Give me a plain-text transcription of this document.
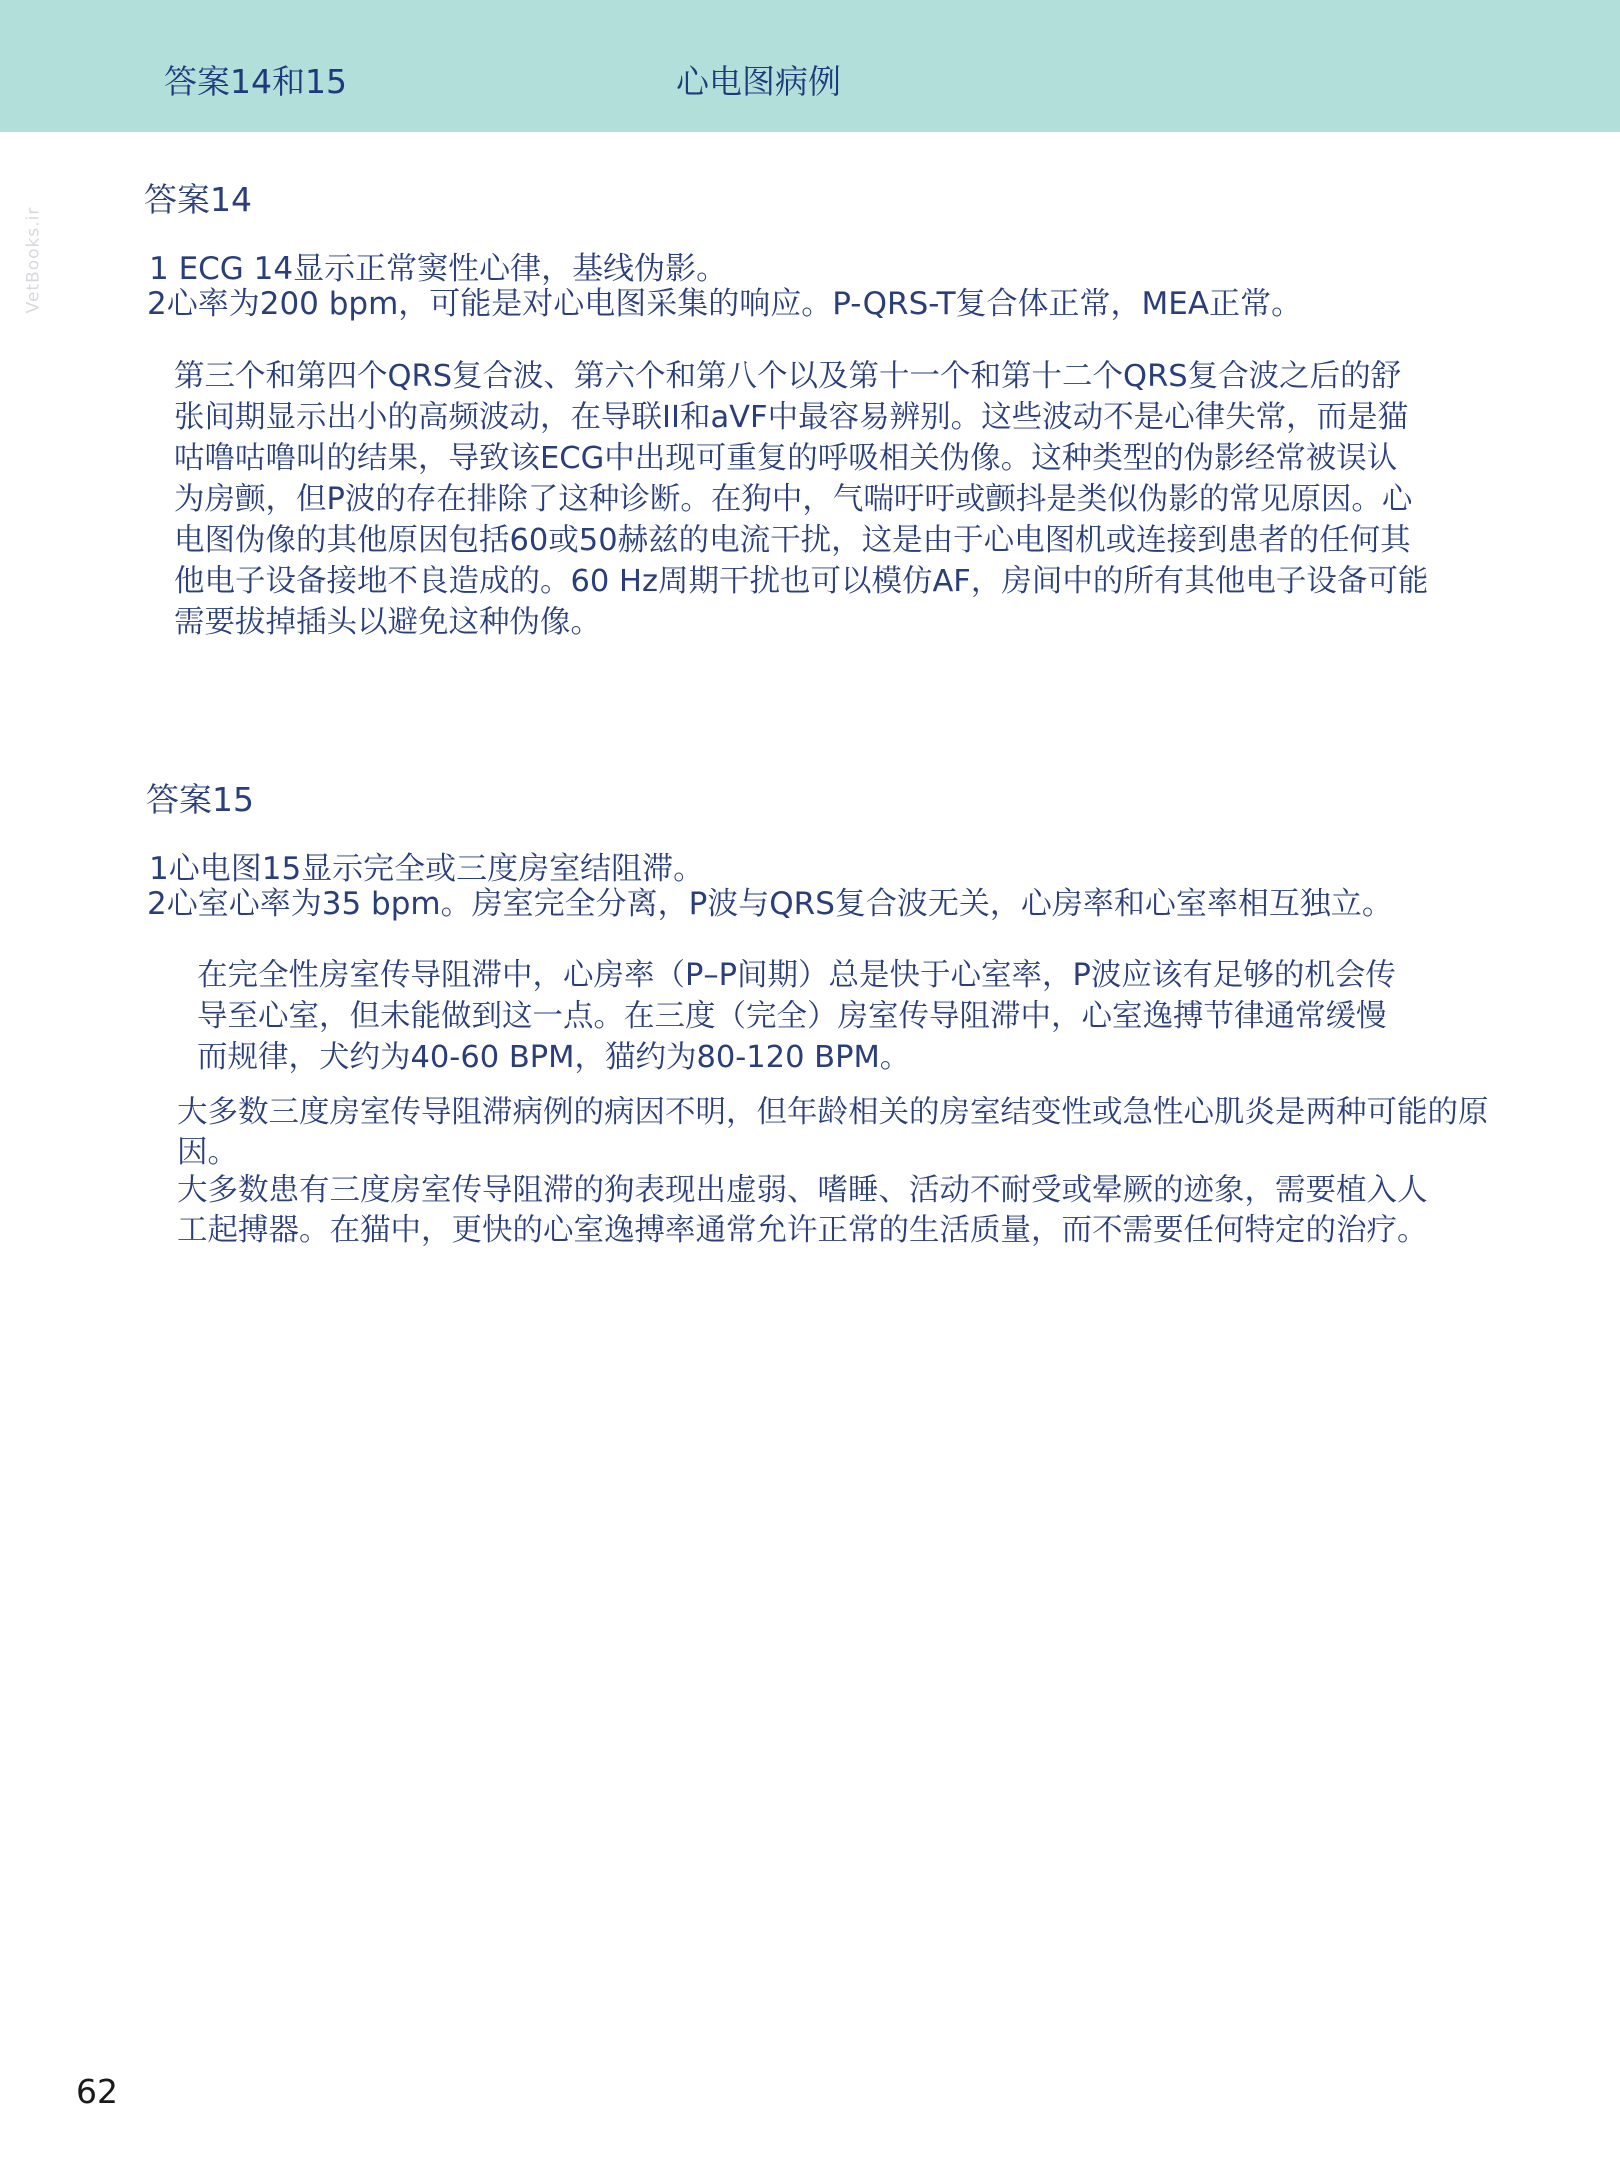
答案14和15	心电图病例
VetBooks.ir
答案14
1 ECG 14显示正常窦性心律，基线伪影。
2心率为200 bpm，可能是对心电图采集的响应。P-QRS-T复合体正常，MEA正常。
第三个和第四个QRS复合波、第六个和第八个以及第十一个和第十二个QRS复合波之后的舒
张间期显示出小的高频波动，在导联II和aVF中最容易辨别。这些波动不是心律失常，而是猫
咕噜咕噜叫的结果，导致该ECG中出现可重复的呼吸相关伪像。这种类型的伪影经常被误认
为房颤，但P波的存在排除了这种诊断。在狗中，气喘吁吁或颤抖是类似伪影的常见原因。心
电图伪像的其他原因包括60或50赫兹的电流干扰，这是由于心电图机或连接到患者的任何其
他电子设备接地不良造成的。60 Hz周期干扰也可以模仿AF，房间中的所有其他电子设备可能
需要拔掉插头以避免这种伪像。
答案15
1心电图15显示完全或三度房室结阻滞。
2心室心率为35 bpm。房室完全分离，P波与QRS复合波无关，心房率和心室率相互独立。
在完全性房室传导阻滞中，心房率（P–P间期）总是快于心室率，P波应该有足够的机会传
导至心室，但未能做到这一点。在三度（完全）房室传导阻滞中，心室逸搏节律通常缓慢
而规律，犬约为40-60 BPM，猫约为80-120 BPM。
大多数三度房室传导阻滞病例的病因不明，但年龄相关的房室结变性或急性心肌炎是两种可能的原
因。
大多数患有三度房室传导阻滞的狗表现出虚弱、嗜睡、活动不耐受或晕厥的迹象，需要植入人
工起搏器。在猫中，更快的心室逸搏率通常允许正常的生活质量，而不需要任何特定的治疗。
62
